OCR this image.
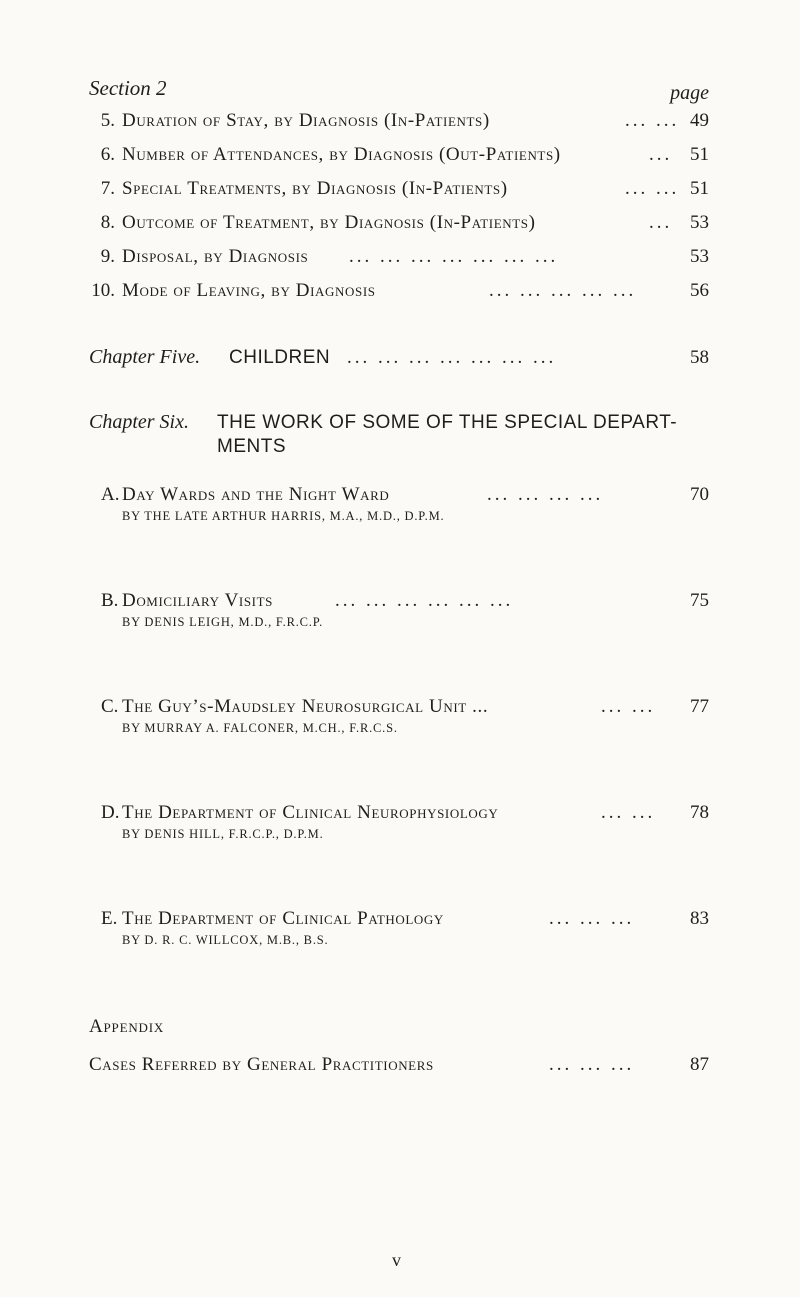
Section 2	page
5. Duration of Stay, by Diagnosis (In-Patients)	... ... 49
6. Number of Attendances, by Diagnosis (Out-Patients)	... 51
7. Special Treatments, by Diagnosis (In-Patients)	... ... 51
8. Outcome of Treatment, by Diagnosis (In-Patients)	... 53
9. Disposal, by Diagnosis ... ... ... ... ... ... ...	53
10. Mode of Leaving, by Diagnosis	... ... ... ... ...	56
Chapter Five. CHILDREN ... ... ... ... ... ... ...	58
Chapter Six. THE WORK OF SOME OF THE SPECIAL DEPART-
MENTS
A. Day Wards and the Night Ward	... ... ... ...	70
BY THE LATE ARTHUR HARRIS, M.A., M.D., D.P.M.
B. Domiciliary Visits	... ... ... ... ... ...	75
BY DENIS LEIGH, M.D., F.R.C.P.
C. The Guy’s-Maudsley Neurosurgical Unit ...	... ...	77
BY MURRAY A. FALCONER, M.CH., F.R.C.S.
D. The Department of Clinical Neurophysiology	... ...	78
BY DENIS HILL, F.R.C.P., D.P.M.
E. The Department of Clinical Pathology	... ... ...	83
BY D. R. C. WILLCOX, M.B., B.S.
Appendix
Cases Referred by General Practitioners	... ... ...	87
v
